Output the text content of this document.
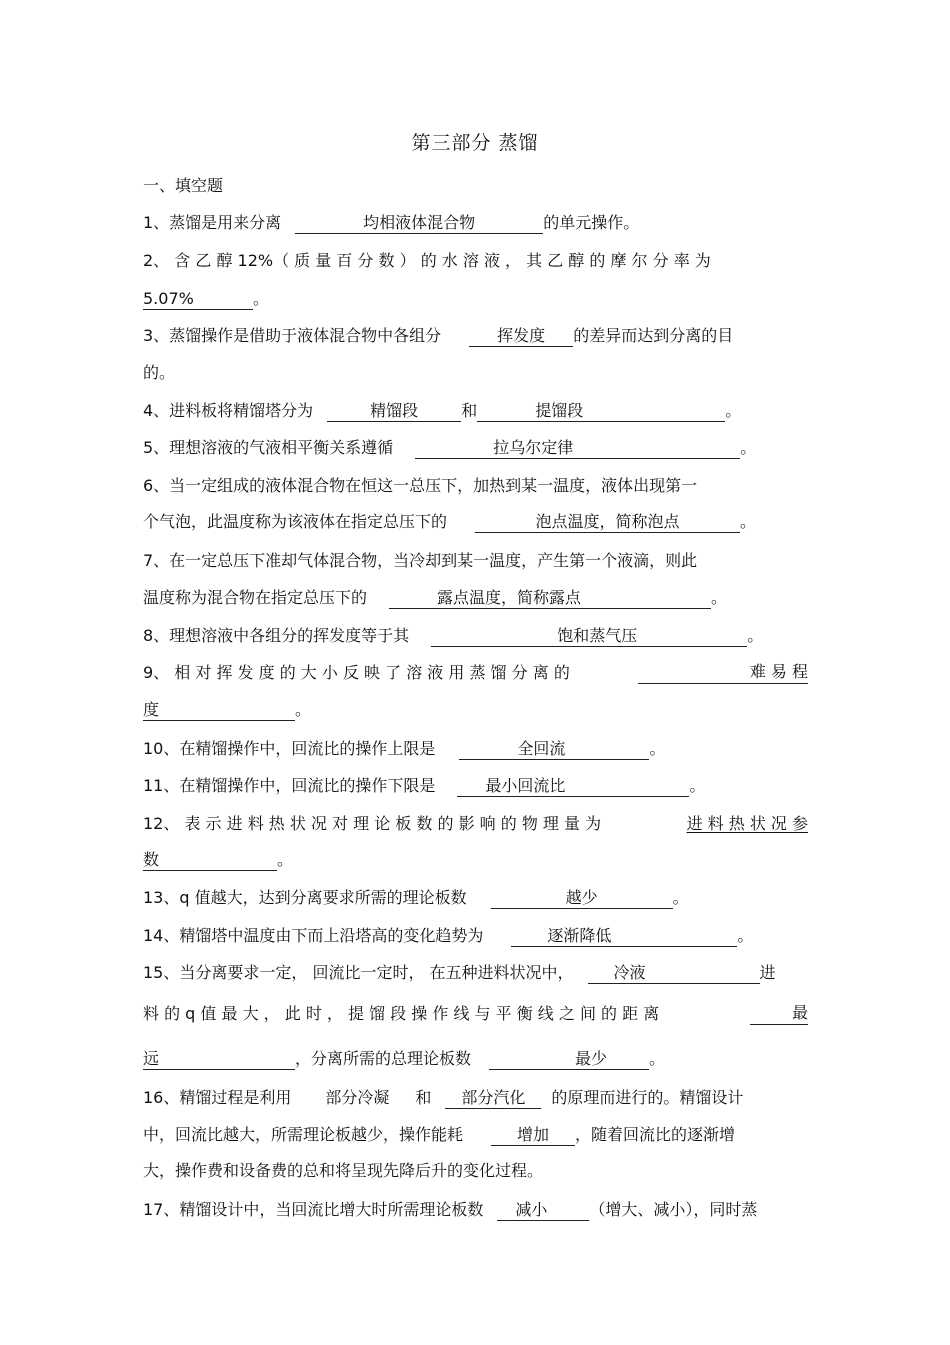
第三部分 蒸馏
一、填空题
1、蒸馏是用来分离	均相液体混合物	的单元操作。
2、 含 乙 醇 12%（ 质 量 百 分 数 ） 的 水 溶 液 ， 其 乙 醇 的 摩 尔 分 率 为
5.07%	。
3、蒸馏操作是借助于液体混合物中各组分	挥发度 的差异而达到分离的目
的。
4、进料板将精馏塔分为	精馏段	和	提馏段	。
5、理想溶液的气液相平衡关系遵循	拉乌尔定律	。
6、当一定组成的液体混合物在恒这一总压下，加热到某一温度，液体出现第一
个气泡，此温度称为该液体在指定总压下的	泡点温度，简称泡点	。
7、在一定总压下准却气体混合物，当冷却到某一温度，产生第一个液滴，则此
温度称为混合物在指定总压下的	露点温度，简称露点	。
8、理想溶液中各组分的挥发度等于其	饱和蒸气压	。
9、 相 对 挥 发 度 的 大 小 反 映 了 溶 液 用 蒸 馏 分 离 的	难 易 程
度	。
10、在精馏操作中，回流比的操作上限是	全回流	。
11、在精馏操作中，回流比的操作下限是	最小回流比	。
12、 表 示 进 料 热 状 况 对 理 论 板 数 的 影 响 的 物 理 量 为	进 料 热 状 况 参
数	。
13、q 值越大，达到分离要求所需的理论板数	越少	。
14、精馏塔中温度由下而上沿塔高的变化趋势为	逐渐降低	。
15、当分离要求一定， 回流比一定时， 在五种进料状况中，	冷液	进
料 的 q 值 最 大 ， 此 时 ， 提 馏 段 操 作 线 与 平 衡 线 之 间 的 距 离	最
远	，分离所需的总理论板数	最少	。
16、精馏过程是利用 部分冷凝 和 部分汽化 的原理而进行的。精馏设计
中，回流比越大，所需理论板越少，操作能耗	增加 ，随着回流比的逐渐增
大，操作费和设备费的总和将呈现先降后升的变化过程。
17、精馏设计中，当回流比增大时所需理论板数 减小	（增大、减小），同时蒸
